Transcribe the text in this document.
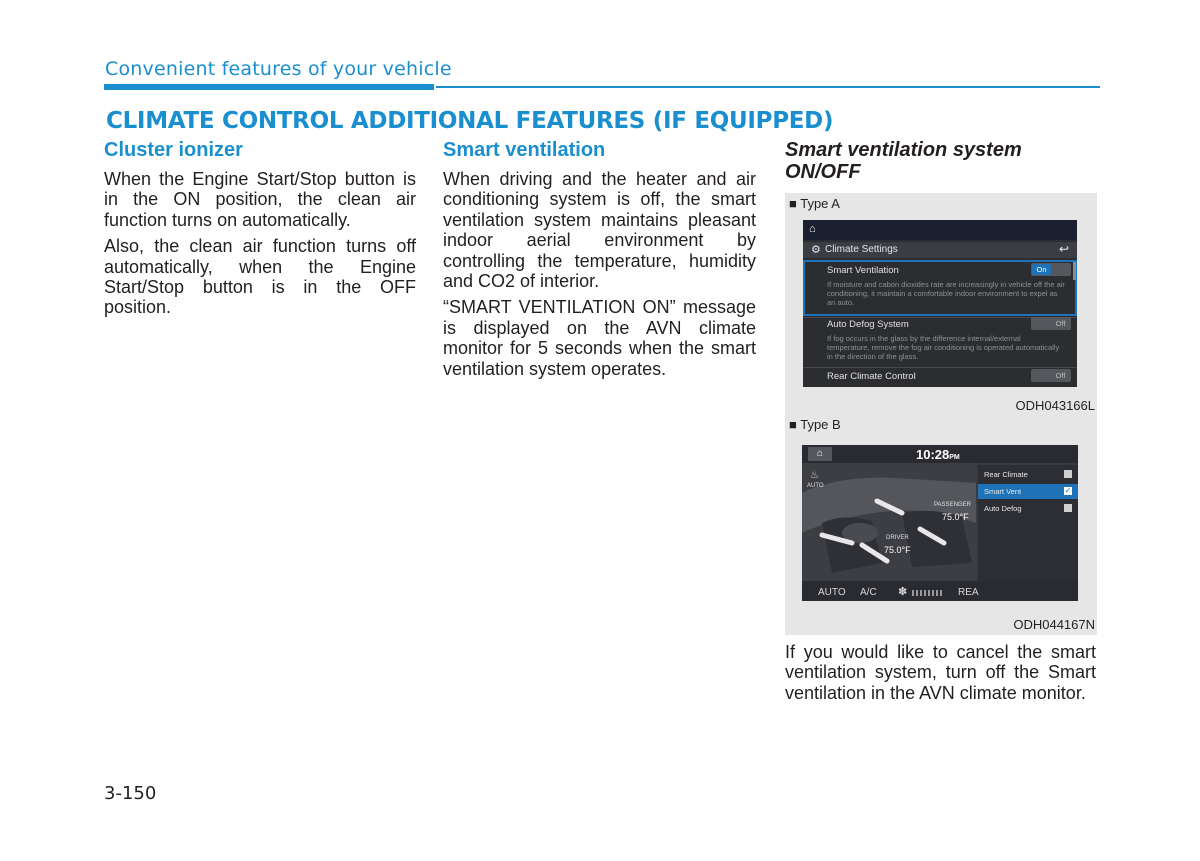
Convenient features of your vehicle
CLIMATE CONTROL ADDITIONAL FEATURES (IF EQUIPPED)
Cluster ionizer

When the Engine Start/Stop button is in the ON position, the clean air function turns on automatically.

Also, the clean air function turns off automatically, when the Engine Start/Stop button is in the OFF position.

Smart ventilation

When driving and the heater and air conditioning system is off, the smart ventilation system maintains pleasant indoor aerial environment by controlling the temperature, humidity and CO2 of interior.

“SMART VENTILATION ON” message is displayed on the AVN climate monitor for 5 seconds when the smart ventilation system operates.

Smart ventilation system ON/OFF
■ Type A
⌂
⚙ Climate Settings	↩
Smart Ventilation	On
If moisture and cabon dioxides rate are increasingly in vehicle off the air conditioning, it maintain a comfortable indoor environment to expel as an auto.
Auto Defog System	Off
If fog occurs in the glass by the difference internal/external temperature, remove the fog air conditioning is operated automatically in the direction of the glass.
Rear Climate Control	Off
ODH043166L
■ Type B
⌂	10:28PM
♨
AUTO
PASSENGER
75.0°F
DRIVER
75.0°F
Rear Climate
Smart Vent	✓
Auto Defog
AUTO A/C ✽	REA
ODH044167N
If you would like to cancel the smart ventilation system, turn off the Smart ventilation in the AVN climate monitor.
3-150
